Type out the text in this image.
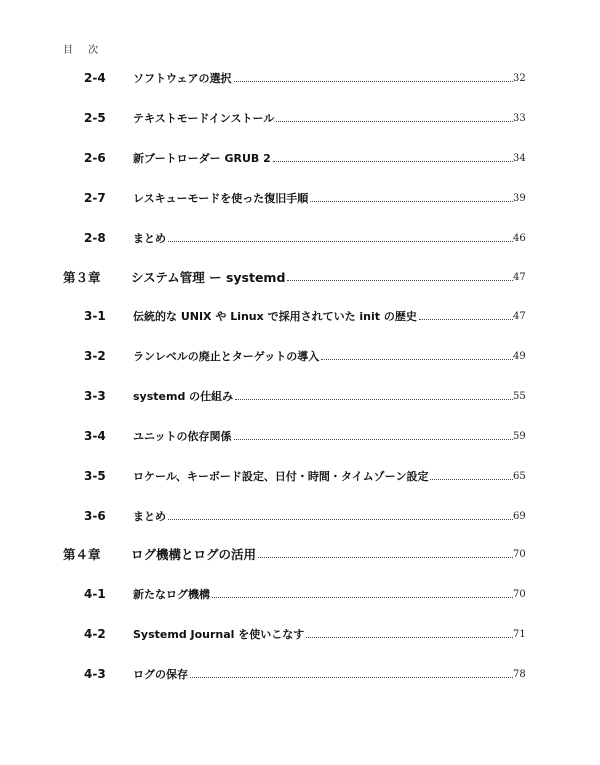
目 次
2-4 ソフトウェアの選択	32
2-5 テキストモードインストール	33
2-6 新ブートローダー GRUB 2	34
2-7 レスキューモードを使った復旧手順	39
2-8 まとめ	46
第３章 システム管理 ー systemd	47
3-1 伝統的な UNIX や Linux で採用されていた init の歴史	47
3-2 ランレベルの廃止とターゲットの導入	49
3-3 systemd の仕組み	55
3-4 ユニットの依存関係	59
3-5 ロケール、キーボード設定、日付・時間・タイムゾーン設定	65
3-6 まとめ	69
第４章 ログ機構とログの活用	70
4-1 新たなログ機構	70
4-2 Systemd Journal を使いこなす	71
4-3 ログの保存	78
